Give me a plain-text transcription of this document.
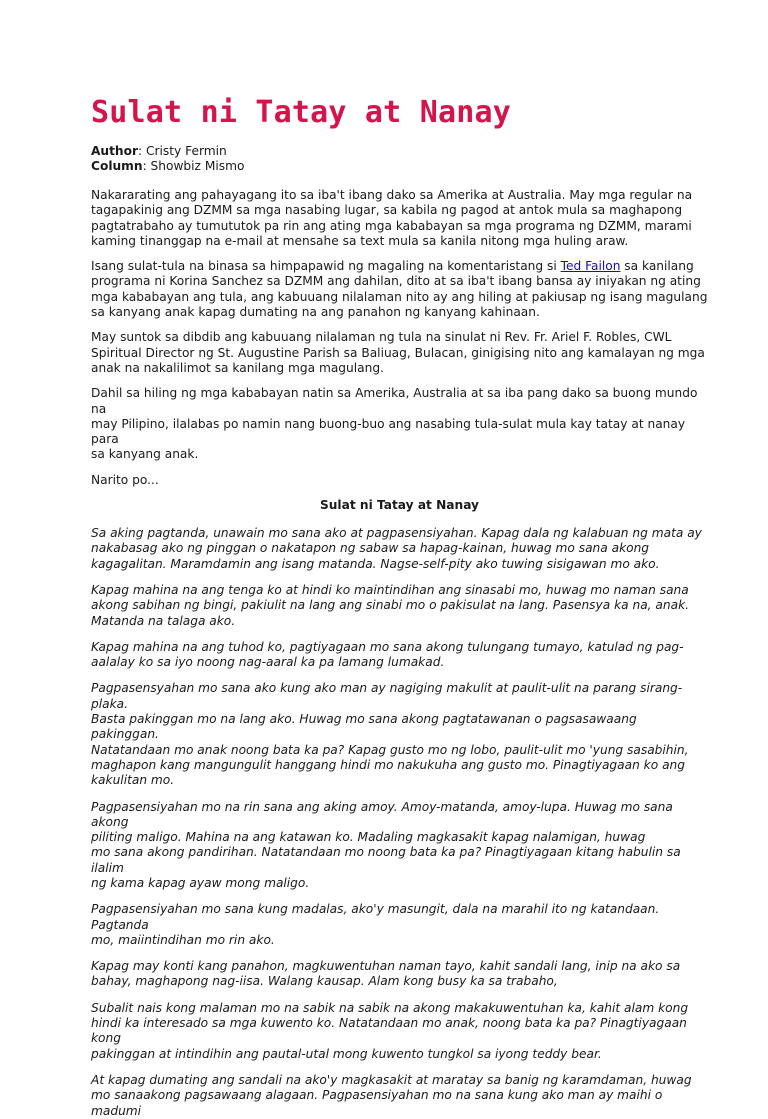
Sulat ni Tatay at Nanay

Author: Cristy Fermin

Column: Showbiz Mismo

Nakararating ang pahayagang ito sa iba't ibang dako sa Amerika at Australia. May mga regular na
tagapakinig ang DZMM sa mga nasabing lugar, sa kabila ng pagod at antok mula sa maghapong
pagtatrabaho ay tumututok pa rin ang ating mga kababayan sa mga programa ng DZMM, marami
kaming tinanggap na e-mail at mensahe sa text mula sa kanila nitong mga huling araw.

Isang sulat-tula na binasa sa himpapawid ng magaling na komentaristang si Ted Failon sa kanilang
programa ni Korina Sanchez sa DZMM ang dahilan, dito at sa iba't ibang bansa ay iniyakan ng ating
mga kababayan ang tula, ang kabuuang nilalaman nito ay ang hiling at pakiusap ng isang magulang
sa kanyang anak kapag dumating na ang panahon ng kanyang kahinaan.

May suntok sa dibdib ang kabuuang nilalaman ng tula na sinulat ni Rev. Fr. Ariel F. Robles, CWL
Spiritual Director ng St. Augustine Parish sa Baliuag, Bulacan, ginigising nito ang kamalayan ng mga
anak na nakalilimot sa kanilang mga magulang.

Dahil sa hiling ng mga kababayan natin sa Amerika, Australia at sa iba pang dako sa buong mundo na
may Pilipino, ilalabas po namin nang buong-buo ang nasabing tula-sulat mula kay tatay at nanay para
sa kanyang anak.

Narito po...

Sulat ni Tatay at Nanay

Sa aking pagtanda, unawain mo sana ako at pagpasensiyahan. Kapag dala ng kalabuan ng mata ay
nakabasag ako ng pinggan o nakatapon ng sabaw sa hapag-kainan, huwag mo sana akong
kagagalitan. Maramdamin ang isang matanda. Nagse-self-pity ako tuwing sisigawan mo ako.

Kapag mahina na ang tenga ko at hindi ko maintindihan ang sinasabi mo, huwag mo naman sana
akong sabihan ng bingi, pakiulit na lang ang sinabi mo o pakisulat na lang. Pasensya ka na, anak.
Matanda na talaga ako.

Kapag mahina na ang tuhod ko, pagtiyagaan mo sana akong tulungang tumayo, katulad ng pag-
aalalay ko sa iyo noong nag-aaral ka pa lamang lumakad.

Pagpasensyahan mo sana ako kung ako man ay nagiging makulit at paulit-ulit na parang sirang-plaka.
Basta pakinggan mo na lang ako. Huwag mo sana akong pagtatawanan o pagsasawaang pakinggan.
Natatandaan mo anak noong bata ka pa? Kapag gusto mo ng lobo, paulit-ulit mo 'yung sasabihin,
maghapon kang mangungulit hanggang hindi mo nakukuha ang gusto mo. Pinagtiyagaan ko ang
kakulitan mo.

Pagpasensiyahan mo na rin sana ang aking amoy. Amoy-matanda, amoy-lupa. Huwag mo sana akong
piliting maligo. Mahina na ang katawan ko. Madaling magkasakit kapag nalamigan, huwag
mo sana akong pandirihan. Natatandaan mo noong bata ka pa? Pinagtiyagaan kitang habulin sa ilalim
ng kama kapag ayaw mong maligo.

Pagpasensiyahan mo sana kung madalas, ako'y masungit, dala na marahil ito ng katandaan. Pagtanda
mo, maiintindihan mo rin ako.

Kapag may konti kang panahon, magkuwentuhan naman tayo, kahit sandali lang, inip na ako sa
bahay, maghapong nag-iisa. Walang kausap. Alam kong busy ka sa trabaho,

Subalit nais kong malaman mo na sabik na sabik na akong makakuwentuhan ka, kahit alam kong
hindi ka interesado sa mga kuwento ko. Natatandaan mo anak, noong bata ka pa? Pinagtiyagaan kong
pakinggan at intindihin ang pautal-utal mong kuwento tungkol sa iyong teddy bear.

At kapag dumating ang sandali na ako'y magkasakit at maratay sa banig ng karamdaman, huwag
mo sanaakong pagsawaang alagaan. Pagpasensiyahan mo na sana kung ako man ay maihi o madumi
